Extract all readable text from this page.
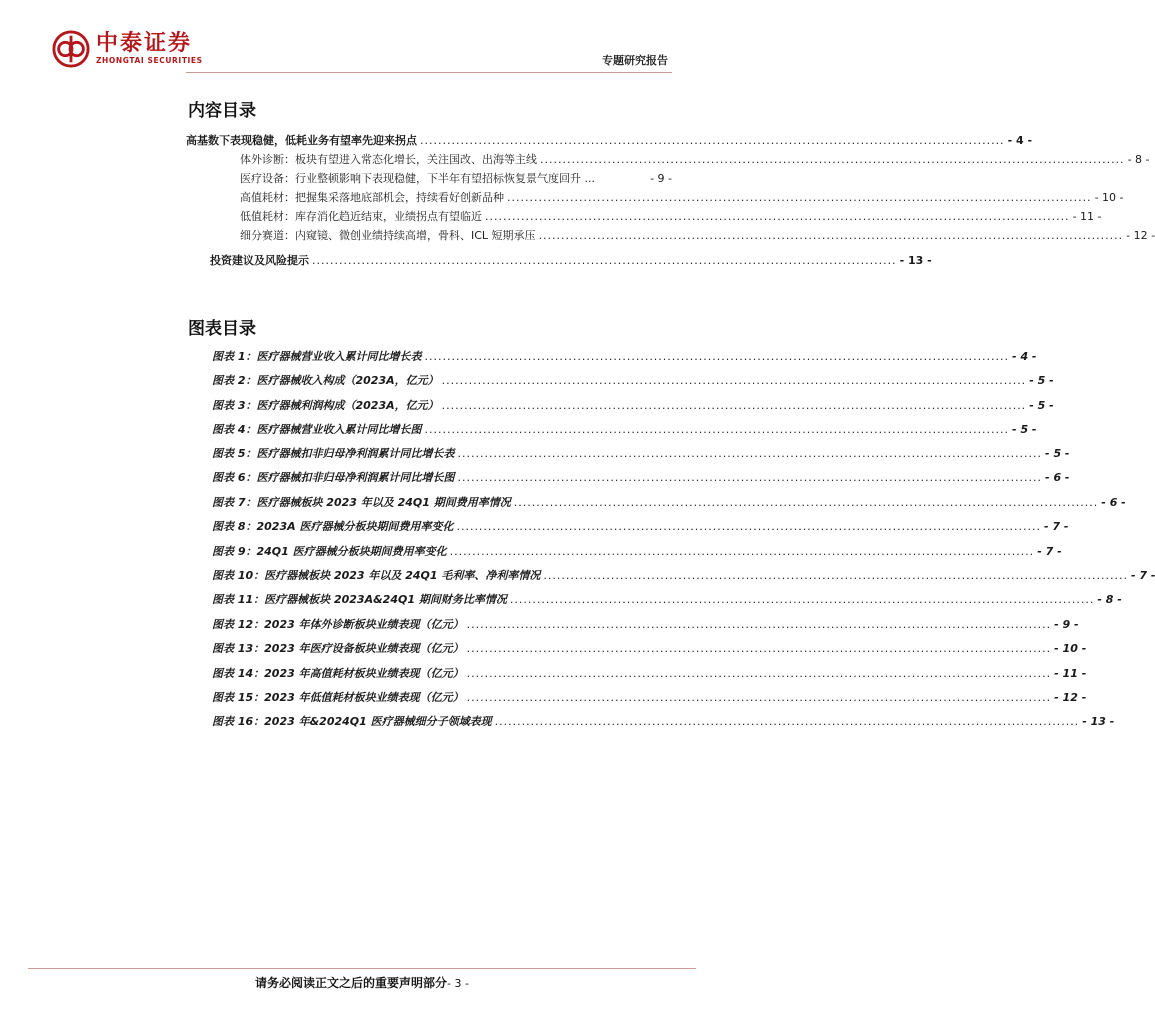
中泰证券
ZHONGTAI SECURITIES	专题研究报告
内容目录
高基数下表现稳健，低耗业务有望率先迎来拐点 .................................................................................................................................. - 4 -
体外诊断：板块有望进入常态化增长，关注国改、出海等主线 .................................................................................................................................. - 8 -
医疗设备：行业整顿影响下表现稳健，下半年有望招标恢复景气度回升 ...	- 9 -
高值耗材：把握集采落地底部机会，持续看好创新品种 .................................................................................................................................. - 10 -
低值耗材：库存消化趋近结束，业绩拐点有望临近 .................................................................................................................................. - 11 -
细分赛道：内窥镜、微创业绩持续高增，骨科、ICL 短期承压 .................................................................................................................................. - 12 -
投资建议及风险提示 .................................................................................................................................. - 13 -
图表目录
图表 1：医疗器械营业收入累计同比增长表 .................................................................................................................................. - 4 -
图表 2：医疗器械收入构成（2023A，亿元） .................................................................................................................................. - 5 -
图表 3：医疗器械利润构成（2023A，亿元） .................................................................................................................................. - 5 -
图表 4：医疗器械营业收入累计同比增长图 .................................................................................................................................. - 5 -
图表 5：医疗器械扣非归母净利润累计同比增长表 .................................................................................................................................. - 5 -
图表 6：医疗器械扣非归母净利润累计同比增长图 .................................................................................................................................. - 6 -
图表 7：医疗器械板块 2023 年以及 24Q1 期间费用率情况 .................................................................................................................................. - 6 -
图表 8：2023A 医疗器械分板块期间费用率变化 .................................................................................................................................. - 7 -
图表 9：24Q1 医疗器械分板块期间费用率变化 .................................................................................................................................. - 7 -
图表 10：医疗器械板块 2023 年以及 24Q1 毛利率、净利率情况 .................................................................................................................................. - 7 -
图表 11：医疗器械板块 2023A&24Q1 期间财务比率情况 .................................................................................................................................. - 8 -
图表 12：2023 年体外诊断板块业绩表现（亿元） .................................................................................................................................. - 9 -
图表 13：2023 年医疗设备板块业绩表现（亿元） .................................................................................................................................. - 10 -
图表 14：2023 年高值耗材板块业绩表现（亿元） .................................................................................................................................. - 11 -
图表 15：2023 年低值耗材板块业绩表现（亿元） .................................................................................................................................. - 12 -
图表 16：2023 年&2024Q1 医疗器械细分子领域表现 .................................................................................................................................. - 13 -
请务必阅读正文之后的重要声明部分- 3 -
